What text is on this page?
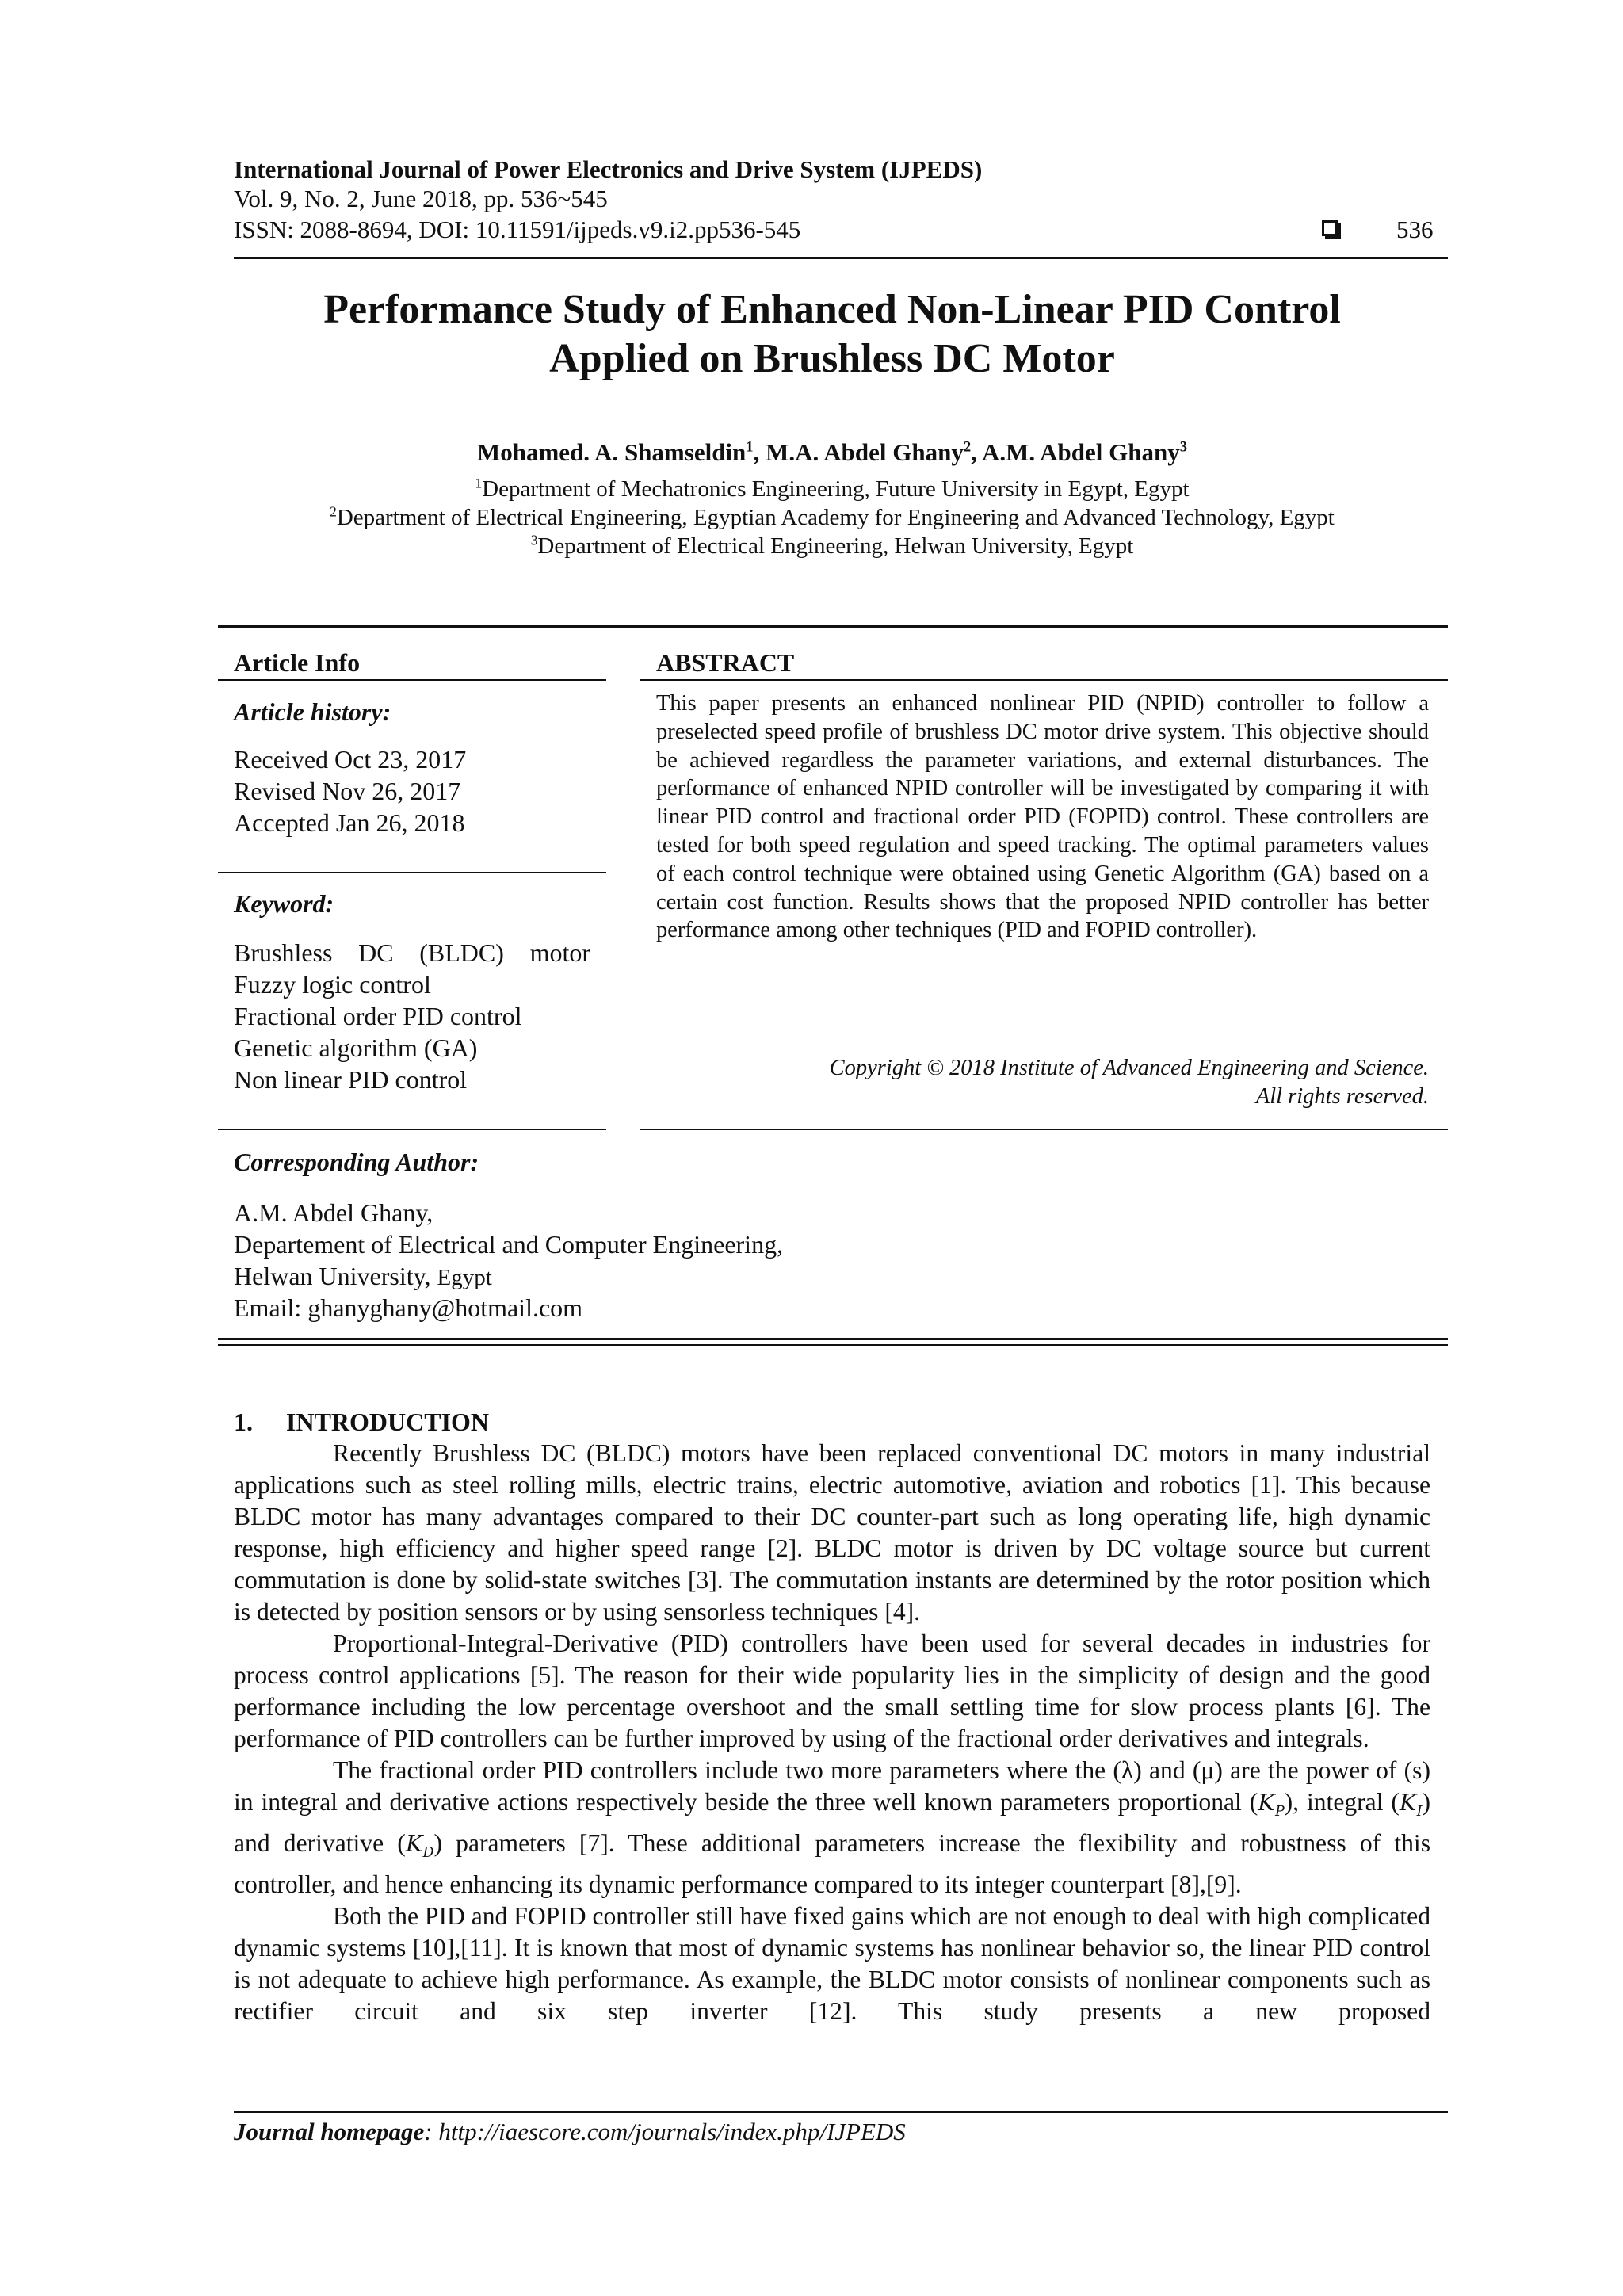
International Journal of Power Electronics and Drive System (IJPEDS)
Vol. 9, No. 2, June 2018, pp. 536~545
ISSN: 2088-8694, DOI: 10.11591/ijpeds.v9.i2.pp536-545	536
Performance Study of Enhanced Non-Linear PID Control
Applied on Brushless DC Motor
Mohamed. A. Shamseldin$^1$, M.A. Abdel Ghany$^2$, A.M. Abdel Ghany$^3$
$^1$Department of Mechatronics Engineering, Future University in Egypt, Egypt
$^2$Department of Electrical Engineering, Egyptian Academy for Engineering and Advanced Technology, Egypt
$^3$Department of Electrical Engineering, Helwan University, Egypt
Article Info
Article history:
Received Oct 23, 2017
Revised Nov 26, 2017
Accepted Jan 26, 2018
Keyword:
Brushless DC (BLDC) motor
Fuzzy logic control
Fractional order PID control
Genetic algorithm (GA)
Non linear PID control
ABSTRACT
This paper presents an enhanced nonlinear PID (NPID) controller to follow a preselected speed profile of brushless DC motor drive system. This objective should be achieved regardless the parameter variations, and external disturbances. The performance of enhanced NPID controller will be investigated by comparing it with linear PID control and fractional order PID (FOPID) control. These controllers are tested for both speed regulation and speed tracking. The optimal parameters values of each control technique were obtained using Genetic Algorithm (GA) based on a certain cost function. Results shows that the proposed NPID controller has better performance among other techniques (PID and FOPID controller).
Copyright © 2018 Institute of Advanced Engineering and Science.
All rights reserved.
Corresponding Author:
A.M. Abdel Ghany,
Departement of Electrical and Computer Engineering,
Helwan University, Egypt
Email: ghanyghany@hotmail.com
1. INTRODUCTION

Recently Brushless DC (BLDC) motors have been replaced conventional DC motors in many industrial applications such as steel rolling mills, electric trains, electric automotive, aviation and robotics [1]. This because BLDC motor has many advantages compared to their DC counter-part such as long operating life, high dynamic response, high efficiency and higher speed range [2]. BLDC motor is driven by DC voltage source but current commutation is done by solid-state switches [3]. The commutation instants are determined by the rotor position which is detected by position sensors or by using sensorless techniques [4].

Proportional-Integral-Derivative (PID) controllers have been used for several decades in industries for process control applications [5]. The reason for their wide popularity lies in the simplicity of design and the good performance including the low percentage overshoot and the small settling time for slow process plants [6]. The performance of PID controllers can be further improved by using of the fractional order derivatives and integrals.

The fractional order PID controllers include two more parameters where the (λ) and (μ) are the power of (s) in integral and derivative actions respectively beside the three well known parameters proportional $(K_P)$, integral $(K_I)$ and derivative $(K_D)$ parameters [7]. These additional parameters increase the flexibility and robustness of this controller, and hence enhancing its dynamic performance compared to its integer counterpart [8],[9].

Both the PID and FOPID controller still have fixed gains which are not enough to deal with high complicated dynamic systems [10],[11]. It is known that most of dynamic systems has nonlinear behavior so, the linear PID control is not adequate to achieve high performance. As example, the BLDC motor consists of nonlinear components such as rectifier circuit and six step inverter [12]. This study presents a new proposed

Journal homepage: http://iaescore.com/journals/index.php/IJPEDS
